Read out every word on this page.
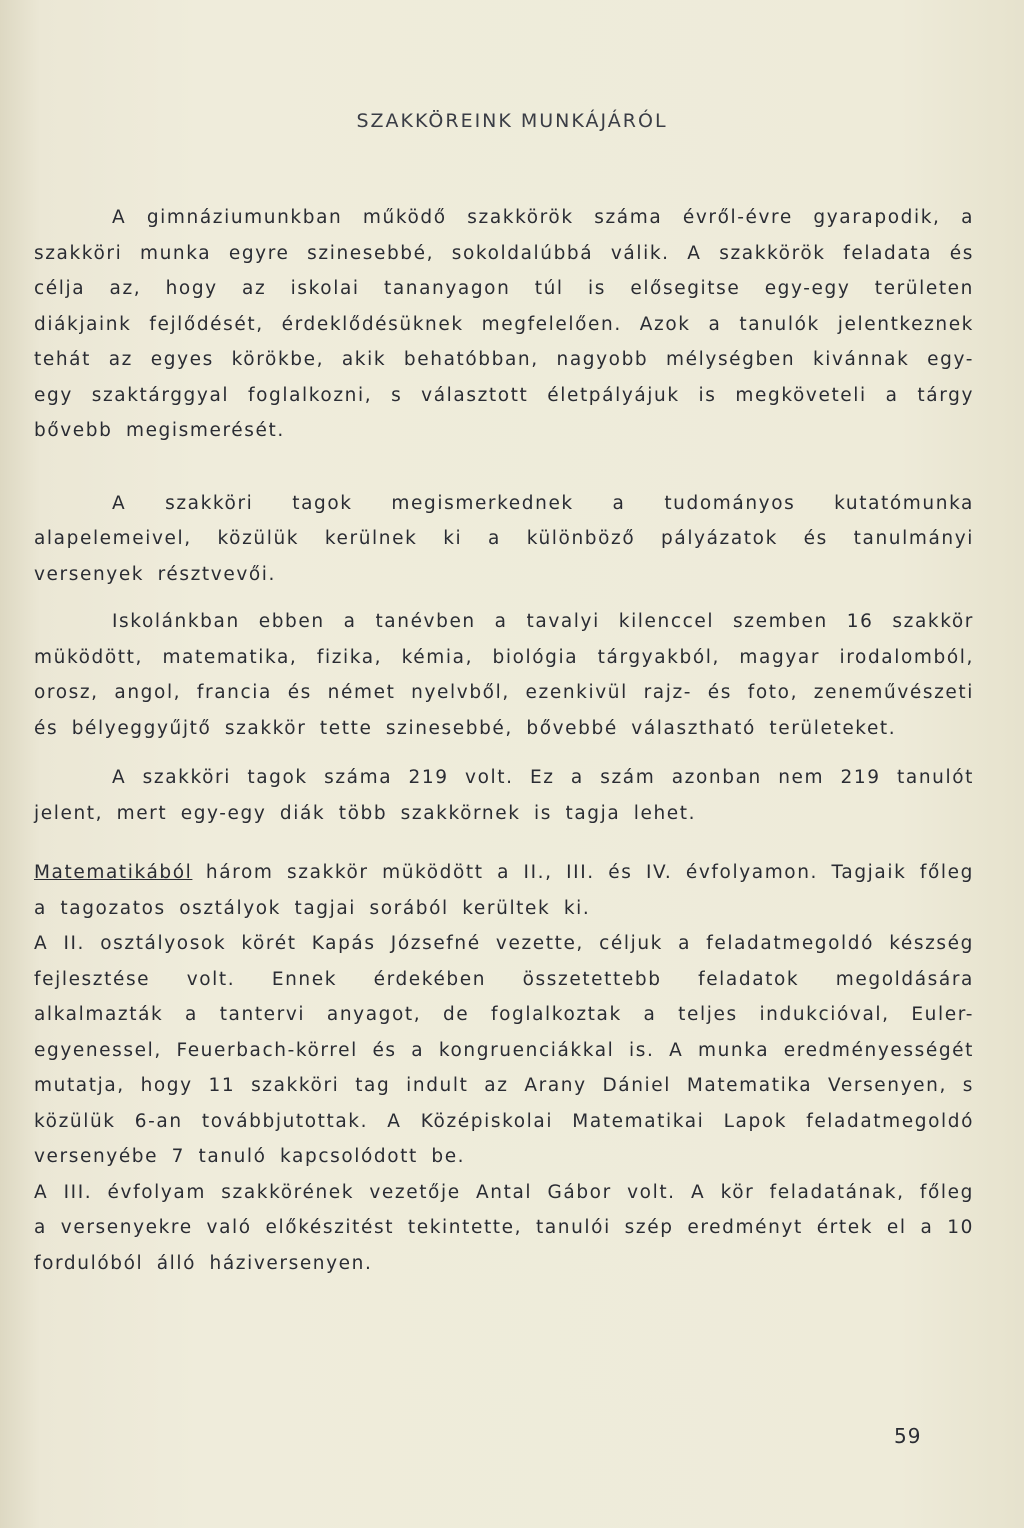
SZAKKÖREINK MUNKÁJÁRÓL

A gimnáziumunkban működő szakkörök száma évről-évre gyarapodik, a szakköri munka egyre szinesebbé, sokoldalúbbá válik. A szakkörök feladata és célja az, hogy az iskolai tananyagon túl is elősegitse egy-egy területen diákjaink fejlődését, érdeklődésüknek megfelelően. Azok a tanulók jelentkeznek tehát az egyes körökbe, akik behatóbban, nagyobb mélységben kivánnak egy-egy szaktárggyal foglalkozni, s választott életpályájuk is megköveteli a tárgy bővebb megismerését.

A szakköri tagok megismerkednek a tudományos kutatómunka alapelemeivel, közülük kerülnek ki a különböző pályázatok és tanulmányi versenyek résztvevői.

Iskolánkban ebben a tanévben a tavalyi kilenccel szemben 16 szakkör müködött, matematika, fizika, kémia, biológia tárgyakból, magyar irodalomból, orosz, angol, francia és német nyelvből, ezenkivül rajz- és foto, zeneművészeti és bélyeggyűjtő szakkör tette szinesebbé, bővebbé választható területeket.

A szakköri tagok száma 219 volt. Ez a szám azonban nem 219 tanulót jelent, mert egy-egy diák több szakkörnek is tagja lehet.

Matematikából három szakkör müködött a II., III. és IV. évfolyamon. Tagjaik főleg a tagozatos osztályok tagjai sorából kerültek ki.

A II. osztályosok körét Kapás Józsefné vezette, céljuk a feladatmegoldó készség fejlesztése volt. Ennek érdekében összetettebb feladatok megoldására alkalmazták a tantervi anyagot, de foglalkoztak a teljes indukcióval, Euler-egyenessel, Feuerbach-körrel és a kongruenciákkal is. A munka eredményességét mutatja, hogy 11 szakköri tag indult az Arany Dániel Matematika Versenyen, s közülük 6-an továbbjutottak. A Középiskolai Matematikai Lapok feladatmegoldó versenyébe 7 tanuló kapcsolódott be.

A III. évfolyam szakkörének vezetője Antal Gábor volt. A kör feladatának, főleg a versenyekre való előkészitést tekintette, tanulói szép eredményt értek el a 10 fordulóból álló háziversenyen.

59
